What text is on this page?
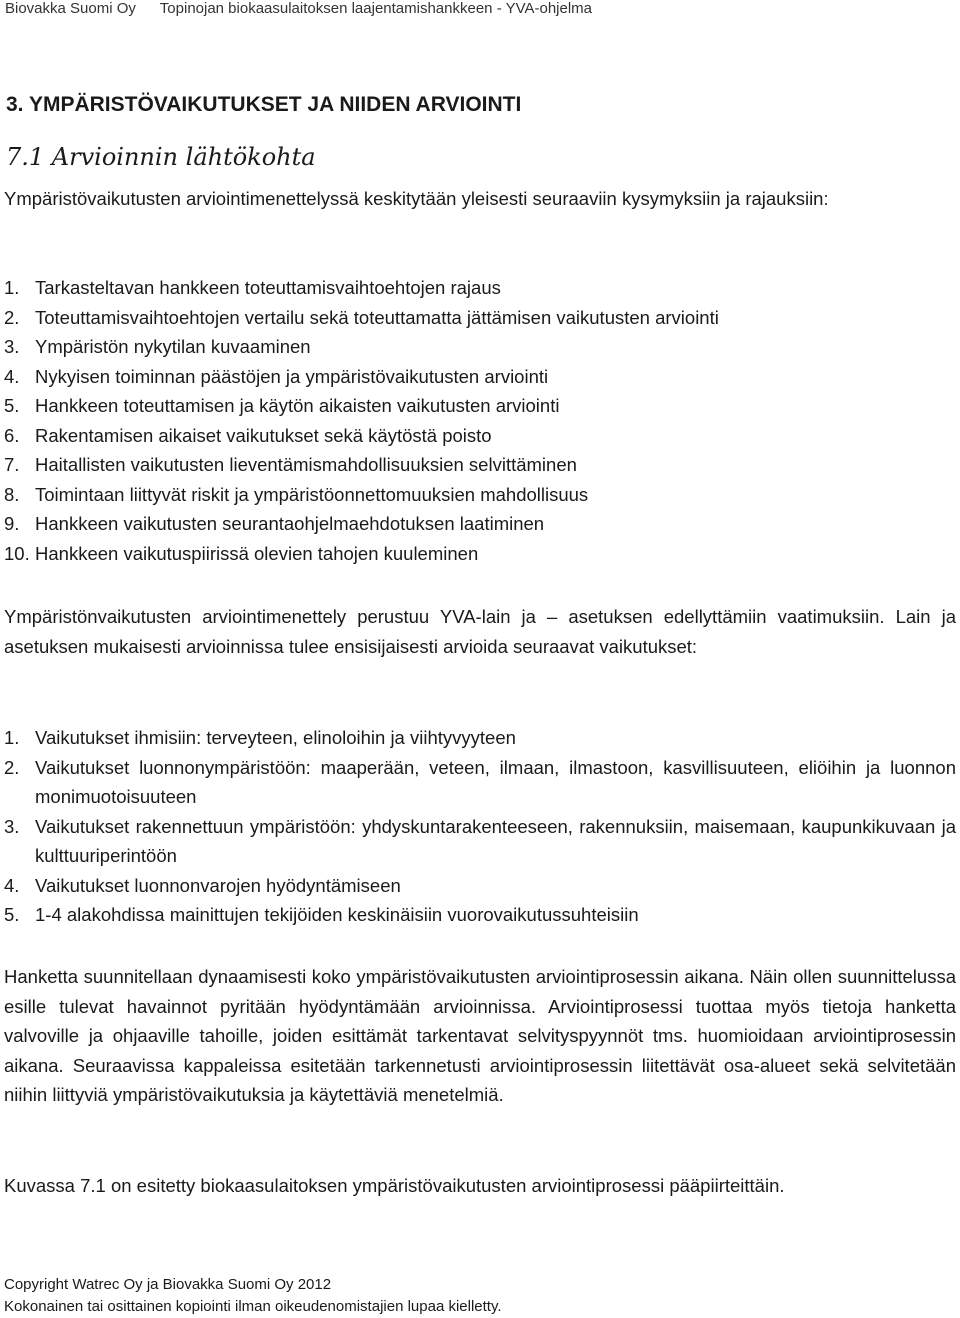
Biovakka Suomi Oy Topinojan biokaasulaitoksen laajentamishankkeen - YVA-ohjelma
3. YMPÄRISTÖVAIKUTUKSET JA NIIDEN ARVIOINTI
7.1 Arvioinnin lähtökohta

Ympäristövaikutusten arviointimenettelyssä keskitytään yleisesti seuraaviin kysymyksiin ja rajauksiin:

1. Tarkasteltavan hankkeen toteuttamisvaihtoehtojen rajaus
2. Toteuttamisvaihtoehtojen vertailu sekä toteuttamatta jättämisen vaikutusten arviointi
3. Ympäristön nykytilan kuvaaminen
4. Nykyisen toiminnan päästöjen ja ympäristövaikutusten arviointi
5. Hankkeen toteuttamisen ja käytön aikaisten vaikutusten arviointi
6. Rakentamisen aikaiset vaikutukset sekä käytöstä poisto
7. Haitallisten vaikutusten lieventämismahdollisuuksien selvittäminen
8. Toimintaan liittyvät riskit ja ympäristöonnettomuuksien mahdollisuus
9. Hankkeen vaikutusten seurantaohjelmaehdotuksen laatiminen
10. Hankkeen vaikutuspiirissä olevien tahojen kuuleminen

Ympäristönvaikutusten arviointimenettely perustuu YVA-lain ja – asetuksen edellyttämiin vaatimuksiin. Lain ja asetuksen mukaisesti arvioinnissa tulee ensisijaisesti arvioida seuraavat vaikutukset:

1. Vaikutukset ihmisiin: terveyteen, elinoloihin ja viihtyvyyteen
2. Vaikutukset luonnonympäristöön: maaperään, veteen, ilmaan, ilmastoon, kasvillisuuteen, eliöihin ja luonnon monimuotoisuuteen
3. Vaikutukset rakennettuun ympäristöön: yhdyskuntarakenteeseen, rakennuksiin, maisemaan, kaupunkikuvaan ja kulttuuriperintöön
4. Vaikutukset luonnonvarojen hyödyntämiseen
5. 1-4 alakohdissa mainittujen tekijöiden keskinäisiin vuorovaikutussuhteisiin

Hanketta suunnitellaan dynaamisesti koko ympäristövaikutusten arviointiprosessin aikana. Näin ollen suunnittelussa esille tulevat havainnot pyritään hyödyntämään arvioinnissa. Arviointiprosessi tuottaa myös tietoja hanketta valvoville ja ohjaaville tahoille, joiden esittämät tarkentavat selvityspyynnöt tms. huomioidaan arviointiprosessin aikana. Seuraavissa kappaleissa esitetään tarkennetusti arviointiprosessin liitettävät osa-alueet sekä selvitetään niihin liittyviä ympäristövaikutuksia ja käytettäviä menetelmiä.

Kuvassa 7.1 on esitetty biokaasulaitoksen ympäristövaikutusten arviointiprosessi pääpiirteittäin.

Copyright Watrec Oy ja Biovakka Suomi Oy 2012
Kokonainen tai osittainen kopiointi ilman oikeudenomistajien lupaa kielletty.
